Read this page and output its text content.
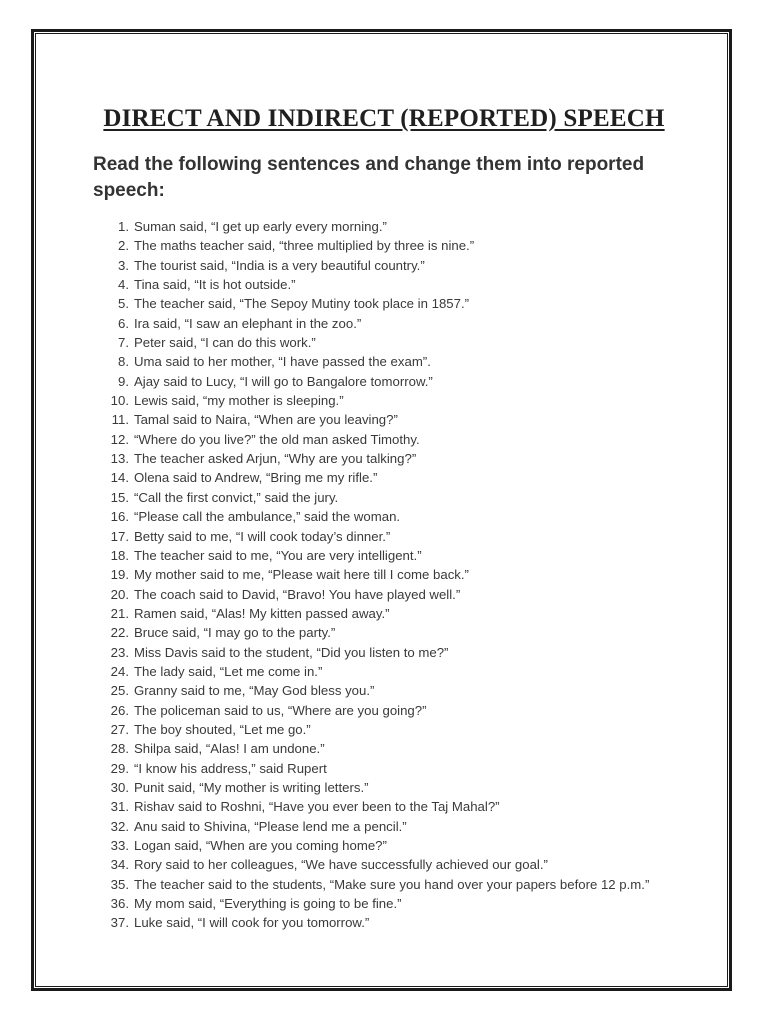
DIRECT AND INDIRECT (REPORTED) SPEECH

Read the following sentences and change them into reported speech:

1. Suman said, “I get up early every morning.”
2. The maths teacher said, “three multiplied by three is nine.”
3. The tourist said, “India is a very beautiful country.”
4. Tina said, “It is hot outside.”
5. The teacher said, “The Sepoy Mutiny took place in 1857.”
6. Ira said, “I saw an elephant in the zoo.”
7. Peter said, “I can do this work.”
8. Uma said to her mother, “I have passed the exam”.
9. Ajay said to Lucy, “I will go to Bangalore tomorrow.”
10. Lewis said, “my mother is sleeping.”
11. Tamal said to Naira, “When are you leaving?”
12. “Where do you live?” the old man asked Timothy.
13. The teacher asked Arjun, “Why are you talking?”
14. Olena said to Andrew, “Bring me my rifle.”
15. “Call the first convict,” said the jury.
16. “Please call the ambulance,” said the woman.
17. Betty said to me, “I will cook today’s dinner.”
18. The teacher said to me, “You are very intelligent.”
19. My mother said to me, “Please wait here till I come back.”
20. The coach said to David, “Bravo! You have played well.”
21. Ramen said, “Alas! My kitten passed away.”
22. Bruce said, “I may go to the party.”
23. Miss Davis said to the student, “Did you listen to me?”
24. The lady said, “Let me come in.”
25. Granny said to me, “May God bless you.”
26. The policeman said to us, “Where are you going?”
27. The boy shouted, “Let me go.”
28. Shilpa said, “Alas! I am undone.”
29. “I know his address,” said Rupert
30. Punit said, “My mother is writing letters.”
31. Rishav said to Roshni, “Have you ever been to the Taj Mahal?”
32. Anu said to Shivina, “Please lend me a pencil.”
33. Logan said, “When are you coming home?”
34. Rory said to her colleagues, “We have successfully achieved our goal.”
35. The teacher said to the students, “Make sure you hand over your papers before 12 p.m.”
36. My mom said, “Everything is going to be fine.”
37. Luke said, “I will cook for you tomorrow.”
